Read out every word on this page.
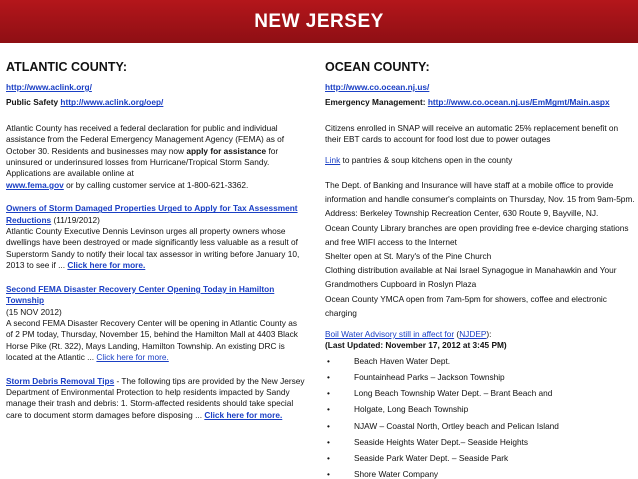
NEW JERSEY
ATLANTIC COUNTY:

http://www.aclink.org/

Public Safety http://www.aclink.org/oep/

Atlantic County has received a federal declaration for public and individual assistance from the Federal Emergency Management Agency (FEMA) as of October 30. Residents and businesses may now apply for assistance for uninsured or underinsured losses from Hurricane/Tropical Storm Sandy. Applications are available online at
www.fema.gov or by calling customer service at 1-800-621-3362.

Owners of Storm Damaged Properties Urged to Apply for Tax Assessment Reductions (11/19/2012)
Atlantic County Executive Dennis Levinson urges all property owners whose dwellings have been destroyed or made significantly less valuable as a result of Superstorm Sandy to notify their local tax assessor in writing before January 10, 2013 to see if ... Click here for more.

Second FEMA Disaster Recovery Center Opening Today in Hamilton Township
(15 NOV 2012)
A second FEMA Disaster Recovery Center will be opening in Atlantic County as of 2 PM today, Thursday, November 15, behind the Hamilton Mall at 4403 Black Horse Pike (Rt. 322), Mays Landing, Hamilton Township. An existing DRC is located at the Atlantic ... Click here for more.

Storm Debris Removal Tips - The following tips are provided by the New Jersey Department of Environmental Protection to help residents impacted by Sandy manage their trash and debris: 1. Storm-affected residents should take special care to document storm damages before disposing ... Click here for more.

OCEAN COUNTY:

http://www.co.ocean.nj.us/

Emergency Management: http://www.co.ocean.nj.us/EmMgmt/Main.aspx

Citizens enrolled in SNAP will receive an automatic 25% replacement benefit on their EBT cards to account for food lost due to power outages

Link to pantries & soup kitchens open in the county

The Dept. of Banking and Insurance will have staff at a mobile office to provide information and handle consumer's complaints on Thursday, Nov. 15 from 9am-5pm. Address: Berkeley Township Recreation Center, 630 Route 9, Bayville, NJ.

Ocean County Library branches are open providing free e-device charging stations and free WIFI access to the Internet

Shelter open at St. Mary's of the Pine Church

Clothing distribution available at Nai Israel Synagogue in Manahawkin and Your Grandmothers Cupboard in Roslyn Plaza

Ocean County YMCA open from 7am-5pm for showers, coffee and electronic charging

Boil Water Advisory still in affect for (NJDEP):

(Last Updated: November 17, 2012 at 3:45 PM)

• Beach Haven Water Dept.
• Fountainhead Parks – Jackson Township
• Long Beach Township Water Dept. – Brant Beach and
• Holgate, Long Beach Township
• NJAW – Coastal North, Ortley beach and Pelican Island
• Seaside Heights Water Dept.– Seaside Heights
• Seaside Park Water Dept. – Seaside Park
• Shore Water Company
